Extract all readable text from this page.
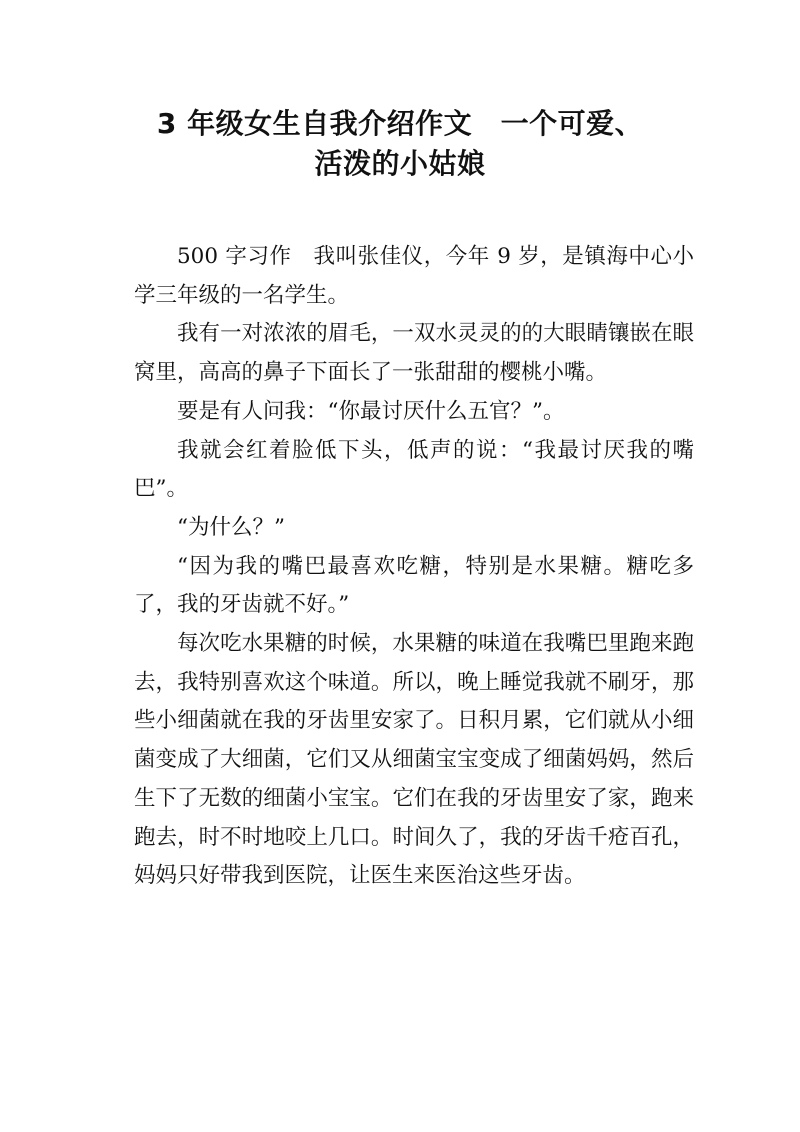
3 年级女生自我介绍作文　一个可爱、
活泼的小姑娘

500 字习作　我叫张佳仪，今年 9 岁，是镇海中心小学三年级的一名学生。

我有一对浓浓的眉毛，一双水灵灵的的大眼睛镶嵌在眼窝里，高高的鼻子下面长了一张甜甜的樱桃小嘴。

要是有人问我：“你最讨厌什么五官？”。

我就会红着脸低下头，低声的说：“我最讨厌我的嘴巴”。

“为什么？”

“因为我的嘴巴最喜欢吃糖，特别是水果糖。糖吃多了，我的牙齿就不好。”

每次吃水果糖的时候，水果糖的味道在我嘴巴里跑来跑去，我特别喜欢这个味道。所以，晚上睡觉我就不刷牙，那些小细菌就在我的牙齿里安家了。日积月累，它们就从小细菌变成了大细菌，它们又从细菌宝宝变成了细菌妈妈，然后生下了无数的细菌小宝宝。它们在我的牙齿里安了家，跑来跑去，时不时地咬上几口。时间久了，我的牙齿千疮百孔，妈妈只好带我到医院，让医生来医治这些牙齿。
